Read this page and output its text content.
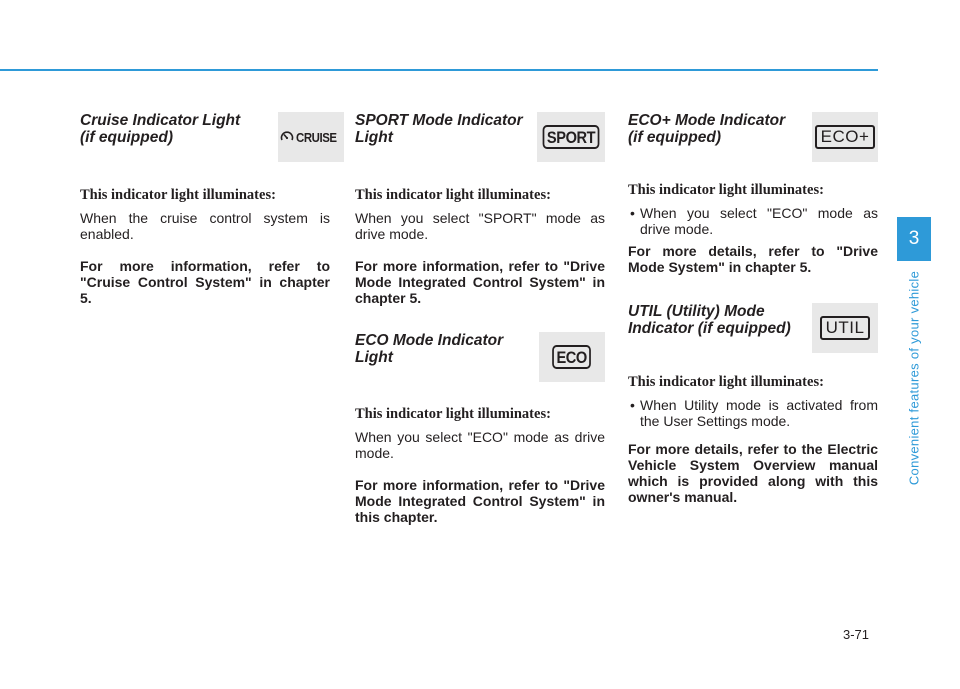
Cruise Indicator Light
(if equipped)	CRUISE
This indicator light illuminates:
When the cruise control system is enabled.
For more information, refer to "Cruise Control System" in chapter 5.
SPORT Mode Indicator
Light	SPORT
This indicator light illuminates:
When you select "SPORT" mode as drive mode.
For more information, refer to "Drive Mode Integrated Control System" in chapter 5.
ECO Mode Indicator
Light	ECO
This indicator light illuminates:
When you select "ECO" mode as drive mode.
For more information, refer to "Drive Mode Integrated Control System" in this chapter.
ECO+ Mode Indicator
(if equipped)	ECO+
This indicator light illuminates:
• When you select "ECO" mode as drive mode.
For more details, refer to "Drive Mode System" in chapter 5.
UTIL (Utility) Mode
Indicator (if equipped)	UTIL
This indicator light illuminates:
• When Utility mode is activated from the User Settings mode.
For more details, refer to the Electric Vehicle System Overview manual which is provided along with this owner's manual.
3
Convenient features of your vehicle
3-71
